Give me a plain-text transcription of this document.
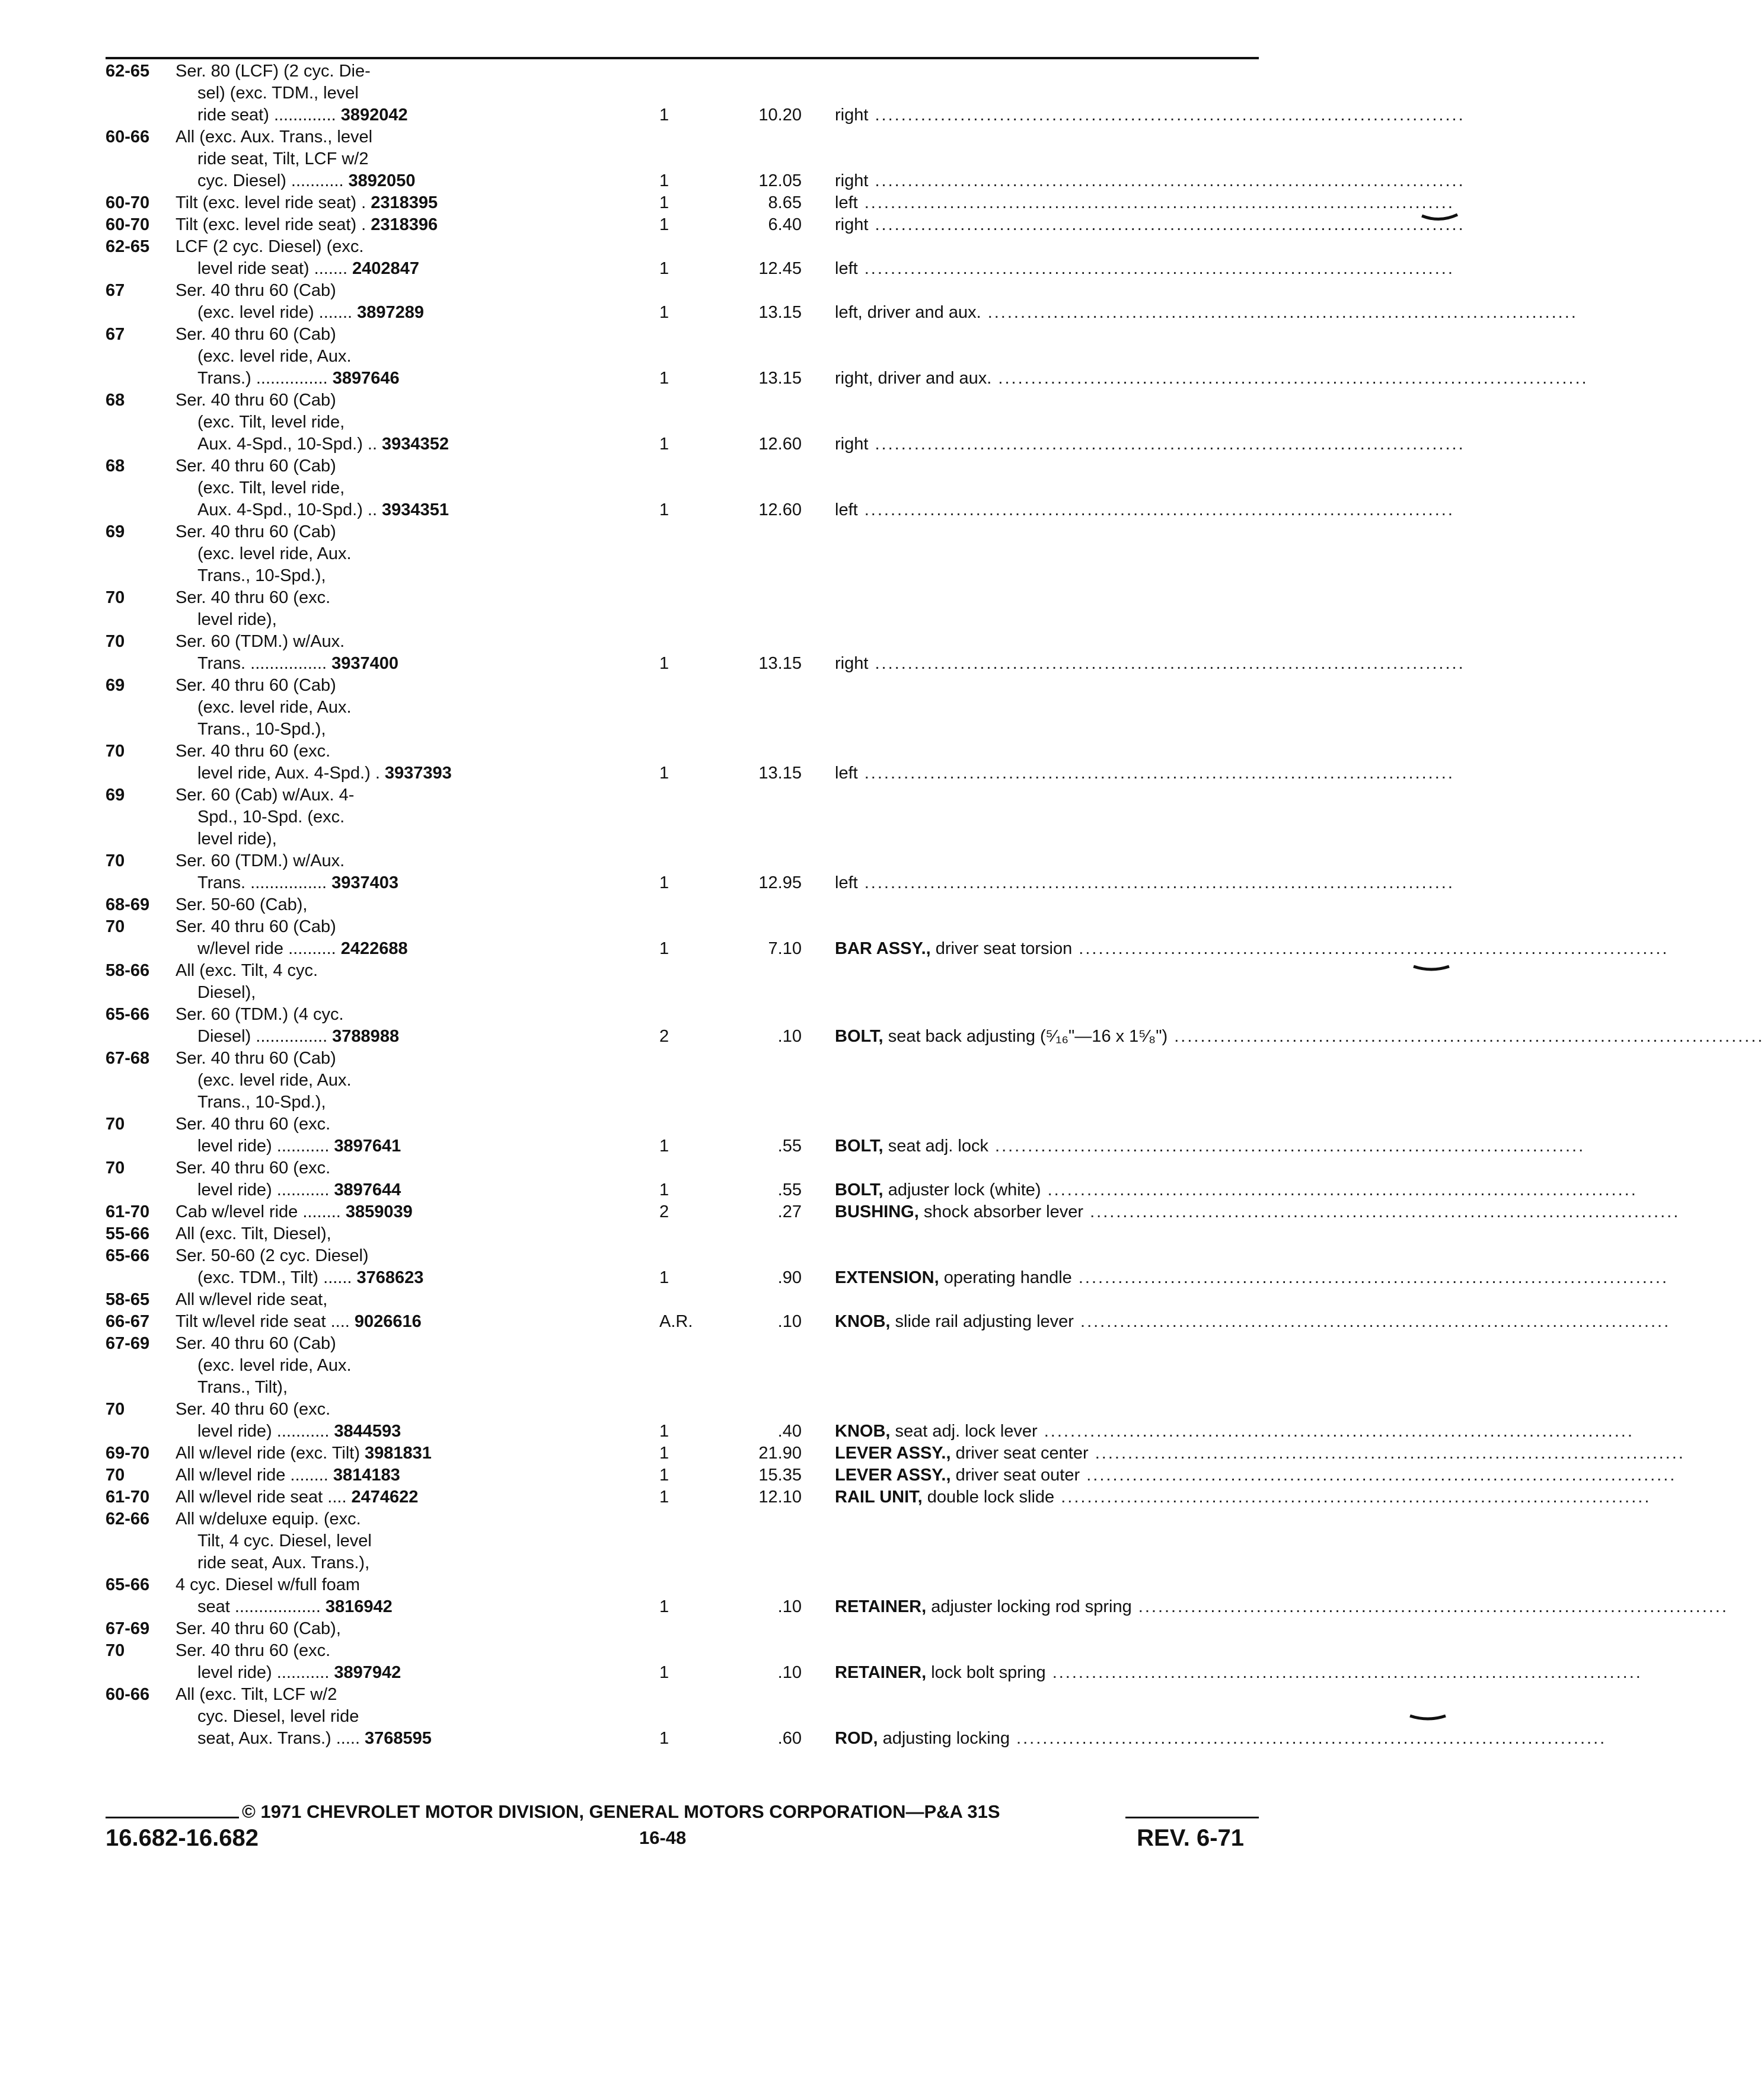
62-65 Ser. 80 (LCF) (2 cyc. Die-
sel) (exc. TDM., level
ride seat) ............. 3892042	1	10.20	right ..........................................................................................
60-66 All (exc. Aux. Trans., level
ride seat, Tilt, LCF w/2
cyc. Diesel) ........... 3892050	1	12.05	right ..........................................................................................
60-70 Tilt (exc. level ride seat) . 2318395	1	8.65	left ..........................................................................................
60-70 Tilt (exc. level ride seat) . 2318396	1	6.40	right ..........................................................................................
62-65 LCF (2 cyc. Diesel) (exc.
level ride seat) ....... 2402847	1	12.45	left ..........................................................................................
67	Ser. 40 thru 60 (Cab)
(exc. level ride) ....... 3897289	1	13.15	left, driver and aux. ..........................................................................................
67	Ser. 40 thru 60 (Cab)
(exc. level ride, Aux.
Trans.) ............... 3897646	1	13.15	right, driver and aux. ..........................................................................................
68	Ser. 40 thru 60 (Cab)
(exc. Tilt, level ride,
Aux. 4-Spd., 10-Spd.) .. 3934352	1	12.60	right ..........................................................................................
68	Ser. 40 thru 60 (Cab)
(exc. Tilt, level ride,
Aux. 4-Spd., 10-Spd.) .. 3934351	1	12.60	left ..........................................................................................
69	Ser. 40 thru 60 (Cab)
(exc. level ride, Aux.
Trans., 10-Spd.),
70	Ser. 40 thru 60 (exc.
level ride),
70	Ser. 60 (TDM.) w/Aux.
Trans. ................ 3937400	1	13.15	right ..........................................................................................
69	Ser. 40 thru 60 (Cab)
(exc. level ride, Aux.
Trans., 10-Spd.),
70	Ser. 40 thru 60 (exc.
level ride, Aux. 4-Spd.) . 3937393	1	13.15	left ..........................................................................................
69	Ser. 60 (Cab) w/Aux. 4-
Spd., 10-Spd. (exc.
level ride),
70	Ser. 60 (TDM.) w/Aux.
Trans. ................ 3937403	1	12.95	left ..........................................................................................
68-69 Ser. 50-60 (Cab),
70	Ser. 40 thru 60 (Cab)
w/level ride .......... 2422688	1	7.10	BAR ASSY., driver seat torsion ..........................................................................................
58-66 All (exc. Tilt, 4 cyc.
Diesel),
65-66 Ser. 60 (TDM.) (4 cyc.
Diesel) ............... 3788988	2	.10	BOLT, seat back adjusting (⁵⁄₁₆"—16 x 1⁵⁄₈") ..........................................................................................
67-68 Ser. 40 thru 60 (Cab)
(exc. level ride, Aux.
Trans., 10-Spd.),
70	Ser. 40 thru 60 (exc.
level ride) ........... 3897641	1	.55	BOLT, seat adj. lock ..........................................................................................
70	Ser. 40 thru 60 (exc.
level ride) ........... 3897644	1	.55	BOLT, adjuster lock (white) ..........................................................................................
61-70 Cab w/level ride ........ 3859039	2	.27	BUSHING, shock absorber lever ..........................................................................................
55-66 All (exc. Tilt, Diesel),
65-66 Ser. 50-60 (2 cyc. Diesel)
(exc. TDM., Tilt) ...... 3768623	1	.90	EXTENSION, operating handle ..........................................................................................
58-65 All w/level ride seat,
66-67 Tilt w/level ride seat .... 9026616	A.R.	.10	KNOB, slide rail adjusting lever ..........................................................................................
67-69 Ser. 40 thru 60 (Cab)
(exc. level ride, Aux.
Trans., Tilt),
70	Ser. 40 thru 60 (exc.
level ride) ........... 3844593	1	.40	KNOB, seat adj. lock lever ..........................................................................................
69-70 All w/level ride (exc. Tilt) 3981831	1	21.90	LEVER ASSY., driver seat center ..........................................................................................
70	All w/level ride ........ 3814183	1	15.35	LEVER ASSY., driver seat outer ..........................................................................................
61-70 All w/level ride seat .... 2474622	1	12.10	RAIL UNIT, double lock slide ..........................................................................................
62-66 All w/deluxe equip. (exc.
Tilt, 4 cyc. Diesel, level
ride seat, Aux. Trans.),
65-66 4 cyc. Diesel w/full foam
seat .................. 3816942	1	.10	RETAINER, adjuster locking rod spring ..........................................................................................
67-69 Ser. 40 thru 60 (Cab),
70	Ser. 40 thru 60 (exc.
level ride) ........... 3897942	1	.10	RETAINER, lock bolt spring ..........................................................................................
60-66 All (exc. Tilt, LCF w/2
cyc. Diesel, level ride
seat, Aux. Trans.) ..... 3768595	1	.60	ROD, adjusting locking ..........................................................................................
© 1971 CHEVROLET MOTOR DIVISION, GENERAL MOTORS CORPORATION—P&A 31S
16.682-16.682	16-48	REV. 6-71
